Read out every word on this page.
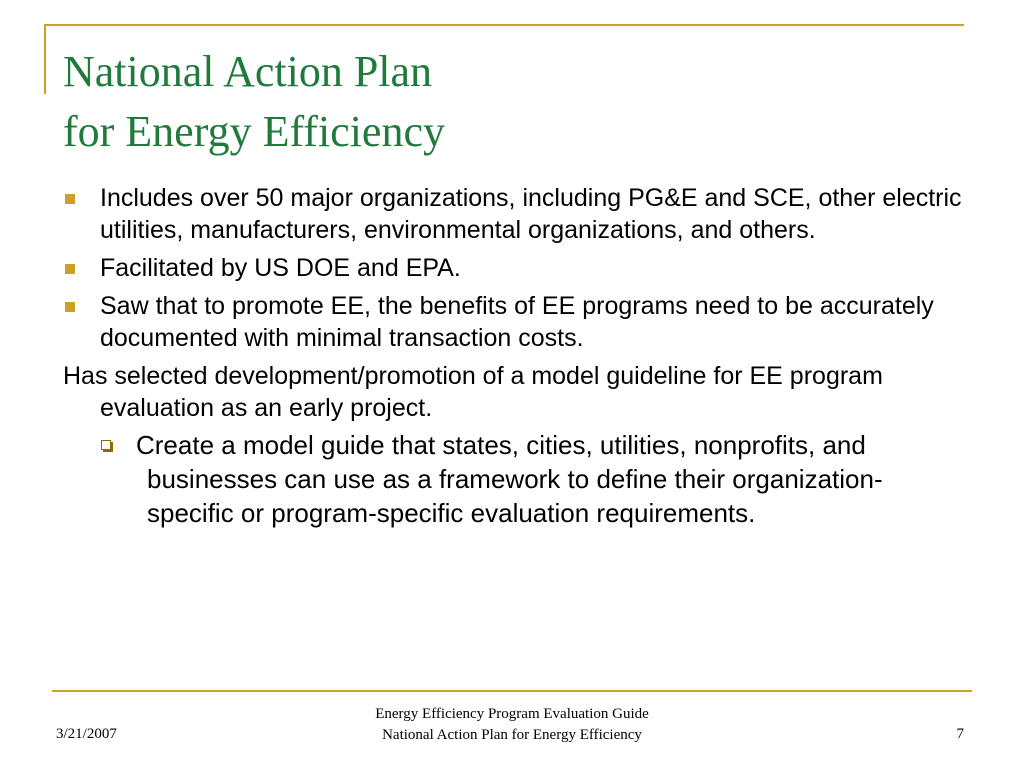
National Action Plan
for Energy Efficiency
Includes over 50 major organizations, including PG&E and SCE, other electric utilities, manufacturers, environmental organizations, and others.
Facilitated by US DOE and EPA.
Saw that to promote EE, the benefits of EE programs need to be accurately documented with minimal transaction costs.
Has selected development/promotion of a model guideline for EE program evaluation as an early project.
Create a model guide that states, cities, utilities, nonprofits, and businesses can use as a framework to define their organization-specific or program-specific evaluation requirements.
3/21/2007
Energy Efficiency Program Evaluation Guide
National Action Plan for Energy Efficiency	7
